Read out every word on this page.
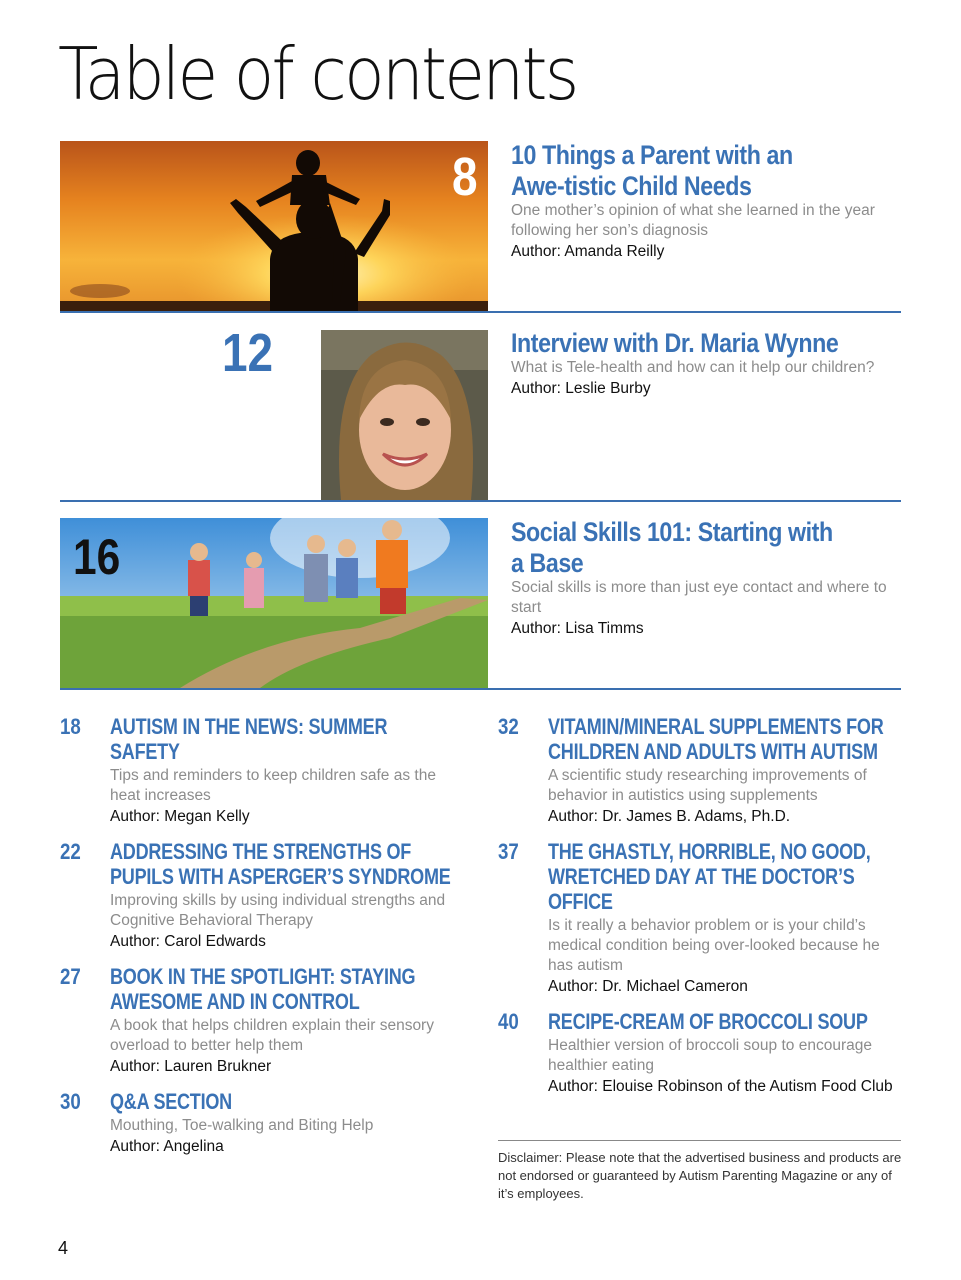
Table of contents
8 10 Things a Parent with an Awe-tistic Child Needs
One mother’s opinion of what she learned in the year following her son’s diagnosis
Author: Amanda Reilly
12	Interview with Dr. Maria Wynne
What is Tele-health and how can it help our children?
Author: Leslie Burby
16	Social Skills 101: Starting with a Base
Social skills is more than just eye contact and where to start
Author: Lisa Timms
18 AUTISM IN THE NEWS: SUMMER SAFETY
Tips and reminders to keep children safe as the heat increases
Author: Megan Kelly
22 ADDRESSING THE STRENGTHS OF PUPILS WITH ASPERGER’S SYNDROME
Improving skills by using individual strengths and Cognitive Behavioral Therapy
Author: Carol Edwards
27 BOOK IN THE SPOTLIGHT: STAYING AWESOME AND IN CONTROL
A book that helps children explain their sensory overload to better help them
Author: Lauren Brukner
30 Q&A SECTION
Mouthing, Toe-walking and Biting Help
Author: Angelina
32 VITAMIN/MINERAL SUPPLEMENTS FOR CHILDREN AND ADULTS WITH AUTISM
A scientific study researching improvements of behavior in autistics using supplements
Author: Dr. James B. Adams, Ph.D.
37 THE GHASTLY, HORRIBLE, NO GOOD, WRETCHED DAY AT THE DOCTOR’S OFFICE
Is it really a behavior problem or is your child’s medical condition being over-looked because he has autism
Author: Dr. Michael Cameron
40 RECIPE-CREAM OF BROCCOLI SOUP
Healthier version of broccoli soup to encourage healthier eating
Author: Elouise Robinson of the Autism Food Club
Disclaimer: Please note that the advertised business and products are not endorsed or guaranteed by Autism Parenting Magazine or any of it’s employees.
4
